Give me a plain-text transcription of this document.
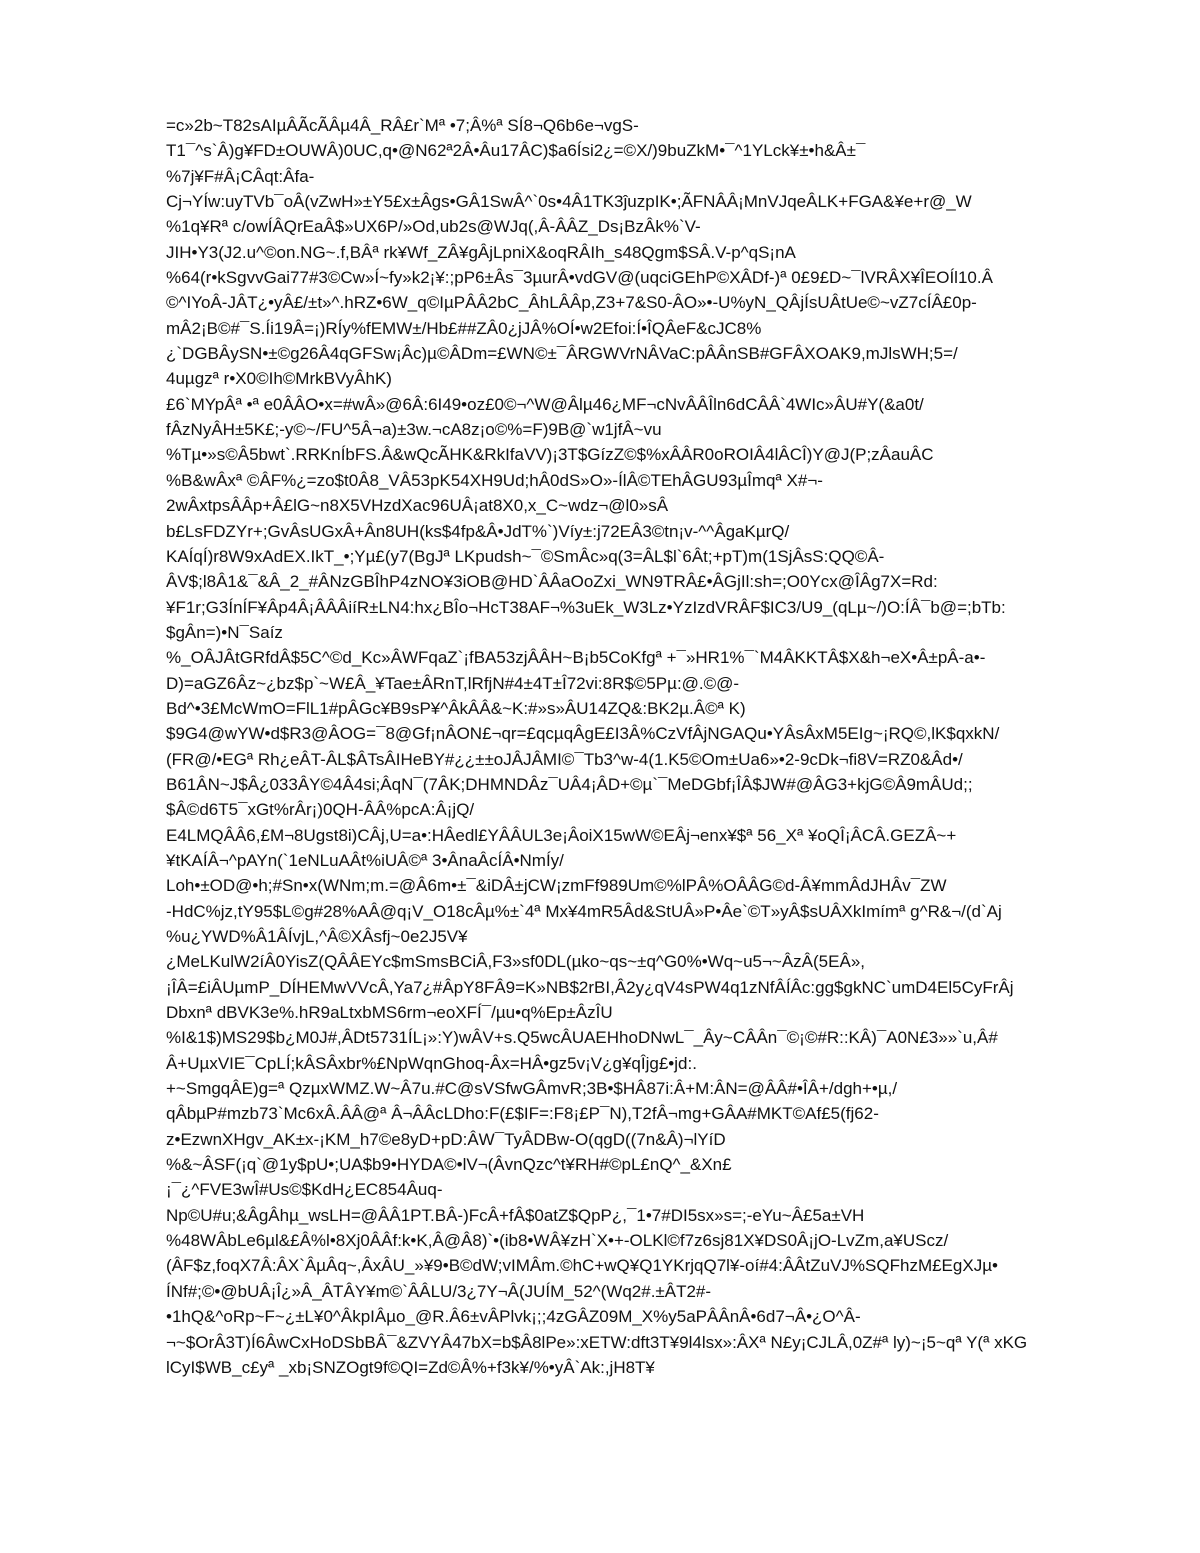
=c»2b~T82sAIµÂÃcÃÂµ4Â_RÂ£r`Mª •7;Â%ª SÍ8¬Q6b6e¬vgS-
T1¯^s`Â)g¥FD±OUWÂ)0UC,q•@N62ª2Â•Âu17ÂC)$a6Ísi2¿=©X/)9buZkM•¯^1YLck¥±•h&Â±¯
%7j¥F#Â¡CÂqt:Âfa-
Cj¬YÍw:uyTVb¯oÂ(vZwH»±Y5£x±Âgs•GÂ1SwÂ^`0s•4Â1TK3ĵuzpIK•;ÃFNÂÂ¡MnVJqeÂLK+FGA&¥e+r@_W
%1q¥Rª c/owÍÂQrEaÂ$»UX6P/»Od,ub2s@WJq(,Â-ÂÂZ_Ds¡BzÂk%`V-
JIH•Y3(J2.u^©on.NG~.f,BÂª rk¥Wf_ZÂ¥gÂjLpniX&oqRÂIh_s48Qgm$SÂ.V-p^qS¡nA
%64(r•kSgvvGai77#3©Cw»Í~fy»k2¡¥:;pP6±Âs¯3µurÂ•vdGV@(uqciGEhP©XÂDf-)ª 0£9£D~¯lVRÂX¥ÎEOÍl10.Â
©^IYoÂ-JÂT¿•yÂ£/±t»^.hRZ•6W_q©IµPÂÂ2bC_ÂhLÂÂp,Z3+7&S0-ÂO»•-U%yN_QÂjÍsUÂtUe©~vZ7cÍÂ£0p-
mÂ2¡B©#¯S.Íi19Â=¡)RÍy%fEMW±/Hb£##ZÂ0¿jJÂ%OÍ•w2Efoi:Í•ÎQÂeF&cJC8%
¿`DGBÂySN•±©g26Â4qGFSw¡Âc)µ©ÂDm=£WN©±¯ÂRGWVrNÂVaC:pÂÂnSB#GFÂXOAK9,mJlsWH;5=/
4uµgzª r•X0©Ih©MrkBVyÂhK)
£6`MYpÂª •ª e0ÂÂO•x=#wÂ»@6Â:6I49•oz£0©¬^W@Âlµ46¿MF¬cNvÂÂÎln6dCÂÂ`4WIc»ÂU#Y(&a0t/
fÂzNyÂH±5K£;-y©~/FU^5Â¬a)±3w.¬cA8z¡o©%=F)9B@`w1jfÂ~vu
%Tµ•»s©Â5bwt`.RRKnÍbFS.Â&wQcÃHK&RkIfaVV)¡3T$GízZ©$%xÂÂR0oROIÂ4lÂCÎ)Y@J(P;zÂauÂC
%B&wÂxª ©ÂF%¿=zo$t0Â8_VÂ53pK54XH9Ud;hÂ0dS»O»-ÍlÂ©TEhÂGU93µÎmqª X#¬-
2wÂxtpsÂÂp+Â£lG~n8X5VHzdXac96UÂ¡at8X0,x_C~wdz¬@l0»sÂ
b£LsFDZYr+;GvÂsUGxÂ+Ân8UH(ks$4fp&Â•JdT%`)Víy±:j72EÂ3©tn¡v-^^ÂgaKµrQ/
KAÍqÍ)r8W9xAdEX.IkT_•;Yµ£(y7(BgJª LKpudsh~¯©SmÂc»q(3=ÂL$l`6Ât;+pT)m(1SjÂsS:QQ©Â-
ÂV$;l8Â1&¯&Â_2_#ÂNzGBÎhP4zNO¥3iOB@HD`ÂÂaOoZxi_WN9TRÂ£•ÂGjIl:sh=;O0Ycx@ÎÂg7X=Rd:
¥F1r;G3ÍnÍF¥Âp4Â¡ÂÂÂiíR±LN4:hx¿BÎo¬HcT38AF¬%3uEk_W3Lz•YzIzdVRÂF$IC3/U9_(qLµ~/)O:ÍÂ¯b@=;bTb:
$gÂn=)•N¯Saíz
%_OÂJÂtGRfdÂ$5C^©d_Kc»ÂWFqaZ`¡fBA53zjÂÂH~B¡b5CoKfgª +¯»HR1%¯`M4ÂKKTÂ$X&h¬eX•Â±pÂ-a•-
D)=aGZ6Âz~¿bz$p`~W£Â_¥Tae±ÂRnT,lRfjN#4±4T±Î72vi:8R$©5Pµ:@.©@-
Bd^•3£McWmO=FlL1#pÂGc¥B9sP¥^ÂkÂÂ&~K:#»s»ÂU14ZQ&:BK2µ.Â©ª K)
$9G4@wYW•d$R3@ÂOG=¯8@Gf¡nÂON£¬qr=£qcµqÂgE£I3Â%CzVfÂjNGAQu•YÂsÂxM5EIg~¡RQ©,lK$qxkN/
(FR@/•EGª Rh¿eÂT-ÂL$ÂTsÂIHeBY#¿¿±±oJÂJÂMI©¯Tb3^w-4(1.K5©Om±Ua6»•2-9cDk¬fi8V=RZ0&Âd•/
B61ÂN~J$Â¿033ÂY©4Â4si;ÂqN¯(7ÂK;DHMNDÂz¯UÂ4¡ÂD+©µ`¯MeDGbf¡ÎÂ$JW#@ÂG3+kjG©Â9mÂUd;;
$Â©d6T5¯xGt%rÂr¡)0QH-ÂÂ%pcA:Â¡jQ/
E4LMQÂÂ6,£M¬8Ugst8i)CÂj,U=a•:HÂedl£YÂÂUL3e¡ÂoiX15wW©EÂj¬enx¥$ª 56_Xª ¥oQÎ¡ÂCÂ.GEZÂ~+
¥tKAÍÂ¬^pAYn(`1eNLuAÂt%iUÂ©ª 3•ÂnaÂcÍÂ•NmÍy/
Loh•±OD@•h;#Sn•x(WNm;m.=@Â6m•±¯&iDÂ±jCW¡zmFf989Um©%lPÂ%OÂÂG©d-Â¥mmÂdJHÂv¯ZW
-HdC%jz,tY95$L©g#28%AÂ@q¡V_O18cÂµ%±`4ª Mx¥4mR5Âd&StUÂ»P•Âe`©T»yÂ$sUÂXkImímª g^R&¬/(d`Aj
%u¿YWD%Â1ÂÍvjL,^Â©XÂsfj~0e2J5V¥
¿MeLKulW2íÂ0YisZ(QÂÂEYc$mSmsBCiÂ,F3»sf0DL(µko~qs~±q^G0%•Wq~u5¬~ÂzÂ(5EÂ»,
¡ÎÂ=£iÂUµmP_DÍHEMwVVcÂ,Ya7¿#ÂpY8FÂ9=K»NB$2rBI,Â2y¿qV4sPW4q1zNfÂÍÂc:gg$gkNC`umD4El5CyFrÂj
Dbxnª dBVK3e%.hR9aLtxbMS6rm¬eoXFÍ¯/µu•q%Ep±ÂzÎU
%I&1$)MS29$b¿M0J#,ÂDt5731ÍL¡»:Y)wÂV+s.Q5wcÂUAEHhoDNwL¯_Ây~CÂÂn¯©¡©#R::KÂ)¯A0N£3»»`u,Â#
Â+UµxVIE¯CpLÍ;kÂSÂxbr%£NpWqnGhoq-Âx=HÂ•gz5v¡V¿g¥qÎjg£•jd:.
+~SmgqÂE)g=ª QzµxWMZ.W~Â7u.#C@sVSfwGÂmvR;3B•$HÂ87i:Â+M:ÂN=@ÂÂ#•ÎÂ+/dgh+•µ,/
qÂbµP#mzb73`Mc6xÂ.ÂÂ@ª Â¬ÂÂcLDho:F(£$IF=:F8¡£P¯N),T2fÂ¬mg+GÂA#MKT©Af£5(fj62-
z•EzwnXHgv_AK±x-¡KM_h7©e8yD+pD:ÂW¯TyÂDBw-O(qgD((7n&Â)¬lYíD
%&~ÂSF(¡q`@1y$pU•;UA$b9•HYDA©•lV¬(ÂvnQzc^t¥RH#©pL£nQ^_&Xn£
¡¯¿^FVE3wÎ#Us©$KdH¿EC854Âuq-
Np©U#u;&ÂgÂhµ_wsLH=@ÂÂ1PT.BÂ-)FcÂ+fÂ$0atZ$QpP¿,¯1•7#DI5sx»s=;-eYu~Â£5a±VH
%48WÂbLe6µl&£Â%l•8Xj0ÂÂf:k•K,Â@Â8)`•(ib8•WÂ¥zH`X•+-OLKl©f7z6sj81X¥DS0Â¡jO-LvZm,a¥UScz/
(ÂF$z,foqX7Â:ÂX`ÂµÂq~,ÂxÂU_»¥9•B©dW;vIMÂm.©hC+wQ¥Q1YKrjqQ7l¥-oí#4:ÂÂtZuVJ%SQFhzM£EgXJµ•
ÍNf#;©•@bUÂ¡Î¿»Â_ÂTÂY¥m©`ÂÂLU/3¿7Y¬Â(JUÍM_52^(Wq2#.±ÂT2#-
•1hQ&^oRp~F~¿±L¥0^ÂkpIÂµo_@R.Â6±vÂPlvk¡;;4zGÂZ09M_X%y5aPÂÂnÂ•6d7¬Â•¿O^Â-
¬~$OrÂ3T)Í6ÂwCxHoDSbBÂ¯&ZVYÂ47bX=b$Â8lPe»:xETW:dft3T¥9l4lsx»:ÂXª N£y¡CJLÂ,0Z#ª ly)~¡5~qª Y(ª xKG
lCyI$WB_c£yª _xb¡SNZOgt9f©QI=Zd©Â%+f3k¥/%•yÂ`Ak:,jH8T¥
